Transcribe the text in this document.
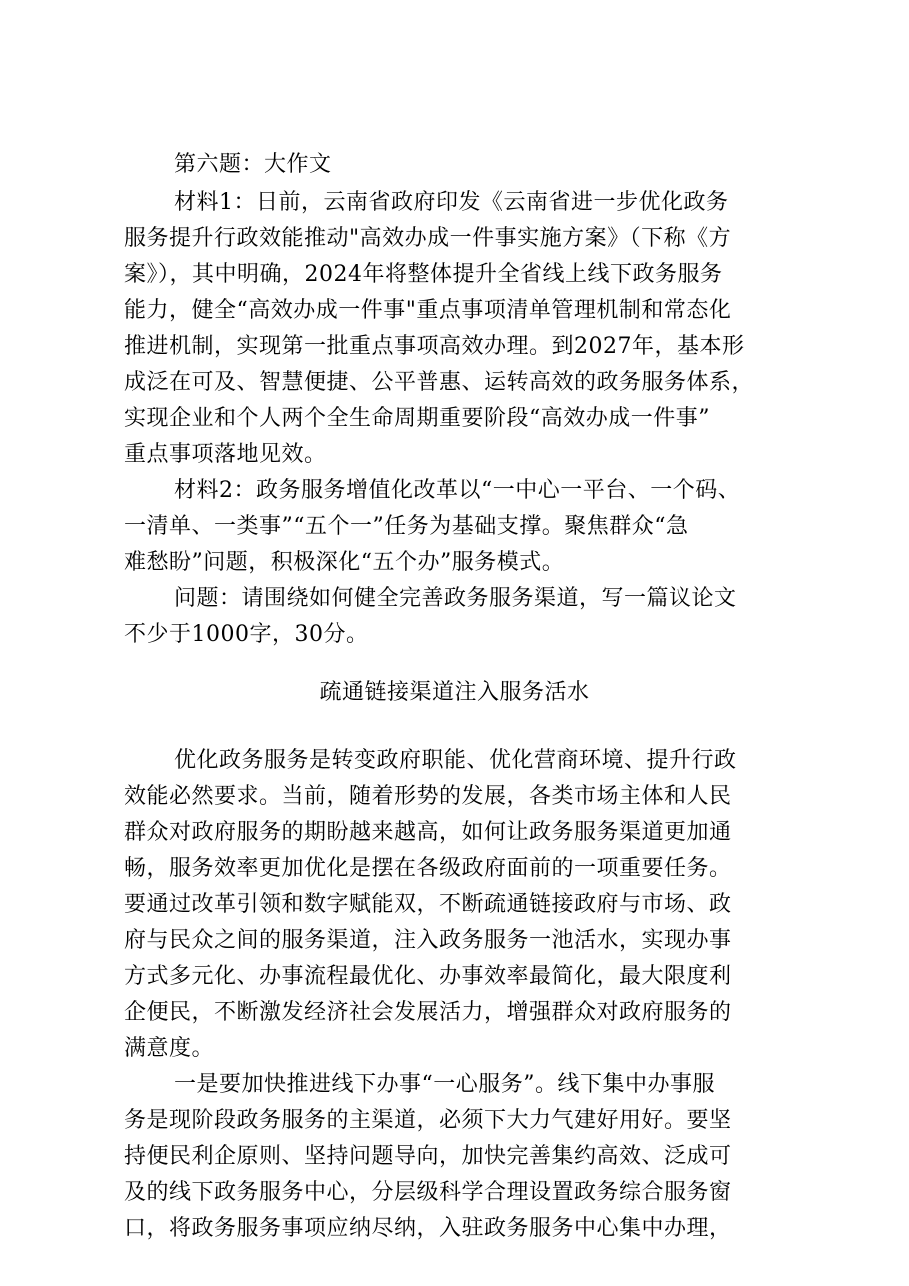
第六题：大作文
材料1：日前，云南省政府印发《云南省进一步优化政务
服务提升行政效能推动"高效办成一件事实施方案》（下称《方
案》），其中明确，2024年将整体提升全省线上线下政务服务
能力，健全“高效办成一件事"重点事项清单管理机制和常态化
推进机制，实现第一批重点事项高效办理。到2027年，基本形
成泛在可及、智慧便捷、公平普惠、运转高效的政务服务体系，
实现企业和个人两个全生命周期重要阶段“高效办成一件事”
重点事项落地见效。
材料2：政务服务增值化改革以“一中心一平台、一个码、
一清单、一类事”“五个一”任务为基础支撑。聚焦群众“急
难愁盼”问题，积极深化“五个办”服务模式。
问题：请围绕如何健全完善政务服务渠道，写一篇议论文
不少于1000字，30分。
疏通链接渠道注入服务活水
优化政务服务是转变政府职能、优化营商环境、提升行政
效能必然要求。当前，随着形势的发展，各类市场主体和人民
群众对政府服务的期盼越来越高，如何让政务服务渠道更加通
畅，服务效率更加优化是摆在各级政府面前的一项重要任务。
要通过改革引领和数字赋能双，不断疏通链接政府与市场、政
府与民众之间的服务渠道，注入政务服务一池活水，实现办事
方式多元化、办事流程最优化、办事效率最简化，最大限度利
企便民，不断激发经济社会发展活力，增强群众对政府服务的
满意度。
一是要加快推进线下办事“一心服务”。线下集中办事服
务是现阶段政务服务的主渠道，必须下大力气建好用好。要坚
持便民利企原则、坚持问题导向，加快完善集约高效、泛成可
及的线下政务服务中心，分层级科学合理设置政务综合服务窗
口，将政务服务事项应纳尽纳，入驻政务服务中心集中办理，
